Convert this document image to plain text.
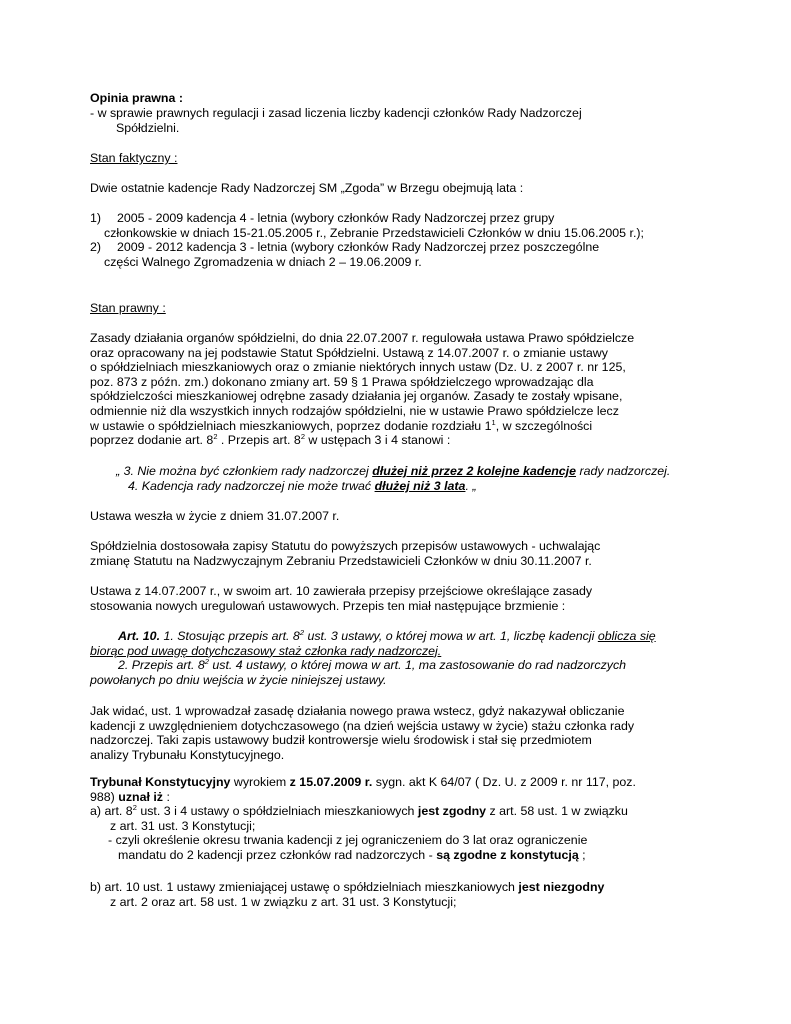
Opinia prawna :
- w sprawie prawnych regulacji i zasad liczenia liczby kadencji członków Rady Nadzorczej
Spółdzielni.
Stan faktyczny :
Dwie ostatnie kadencje Rady Nadzorczej SM „Zgoda” w Brzegu obejmują lata :
1) 2005 - 2009 kadencja 4 - letnia (wybory członków Rady Nadzorczej przez grupy
członkowskie w dniach 15-21.05.2005 r., Zebranie Przedstawicieli Członków w dniu 15.06.2005 r.);
2) 2009 - 2012 kadencja 3 - letnia (wybory członków Rady Nadzorczej przez poszczególne
części Walnego Zgromadzenia w dniach 2 – 19.06.2009 r.
Stan prawny :
Zasady działania organów spółdzielni, do dnia 22.07.2007 r. regulowała ustawa Prawo spółdzielcze
oraz opracowany na jej podstawie Statut Spółdzielni. Ustawą z 14.07.2007 r. o zmianie ustawy
o spółdzielniach mieszkaniowych oraz o zmianie niektórych innych ustaw (Dz. U. z 2007 r. nr 125,
poz. 873 z późn. zm.) dokonano zmiany art. 59 § 1 Prawa spółdzielczego wprowadzając dla
spółdzielczości mieszkaniowej odrębne zasady działania jej organów. Zasady te zostały wpisane,
odmiennie niż dla wszystkich innych rodzajów spółdzielni, nie w ustawie Prawo spółdzielcze lecz
w ustawie o spółdzielniach mieszkaniowych, poprzez dodanie rozdziału $1^1$, w szczególności
poprzez dodanie art. $8^2$ . Przepis art. $8^2$ w ustępach 3 i 4 stanowi :
„ 3. Nie można być członkiem rady nadzorczej dłużej niż przez 2 kolejne kadencje rady nadzorczej.
4. Kadencja rady nadzorczej nie może trwać dłużej niż 3 lata. „
Ustawa weszła w życie z dniem 31.07.2007 r.
Spółdzielnia dostosowała zapisy Statutu do powyższych przepisów ustawowych - uchwalając
zmianę Statutu na Nadzwyczajnym Zebraniu Przedstawicieli Członków w dniu 30.11.2007 r.
Ustawa z 14.07.2007 r., w swoim art. 10 zawierała przepisy przejściowe określające zasady
stosowania nowych uregulowań ustawowych. Przepis ten miał następujące brzmienie :
Art. 10. 1. Stosując przepis art. $8^2$ ust. 3 ustawy, o której mowa w art. 1, liczbę kadencji oblicza się
biorąc pod uwagę dotychczasowy staż członka rady nadzorczej.
2. Przepis art. $8^2$ ust. 4 ustawy, o której mowa w art. 1, ma zastosowanie do rad nadzorczych
powołanych po dniu wejścia w życie niniejszej ustawy.
Jak widać, ust. 1 wprowadzał zasadę działania nowego prawa wstecz, gdyż nakazywał obliczanie
kadencji z uwzględnieniem dotychczasowego (na dzień wejścia ustawy w życie) stażu członka rady
nadzorczej. Taki zapis ustawowy budził kontrowersje wielu środowisk i stał się przedmiotem
analizy Trybunału Konstytucyjnego.
Trybunał Konstytucyjny wyrokiem z 15.07.2009 r. sygn. akt K 64/07 ( Dz. U. z 2009 r. nr 117, poz.
988) uznał iż :
a) art. $8^2$ ust. 3 i 4 ustawy o spółdzielniach mieszkaniowych jest zgodny z art. 58 ust. 1 w związku
z art. 31 ust. 3 Konstytucji;
- czyli określenie okresu trwania kadencji z jej ograniczeniem do 3 lat oraz ograniczenie
mandatu do 2 kadencji przez członków rad nadzorczych - są zgodne z konstytucją ;
b) art. 10 ust. 1 ustawy zmieniającej ustawę o spółdzielniach mieszkaniowych jest niezgodny
z art. 2 oraz art. 58 ust. 1 w związku z art. 31 ust. 3 Konstytucji;
